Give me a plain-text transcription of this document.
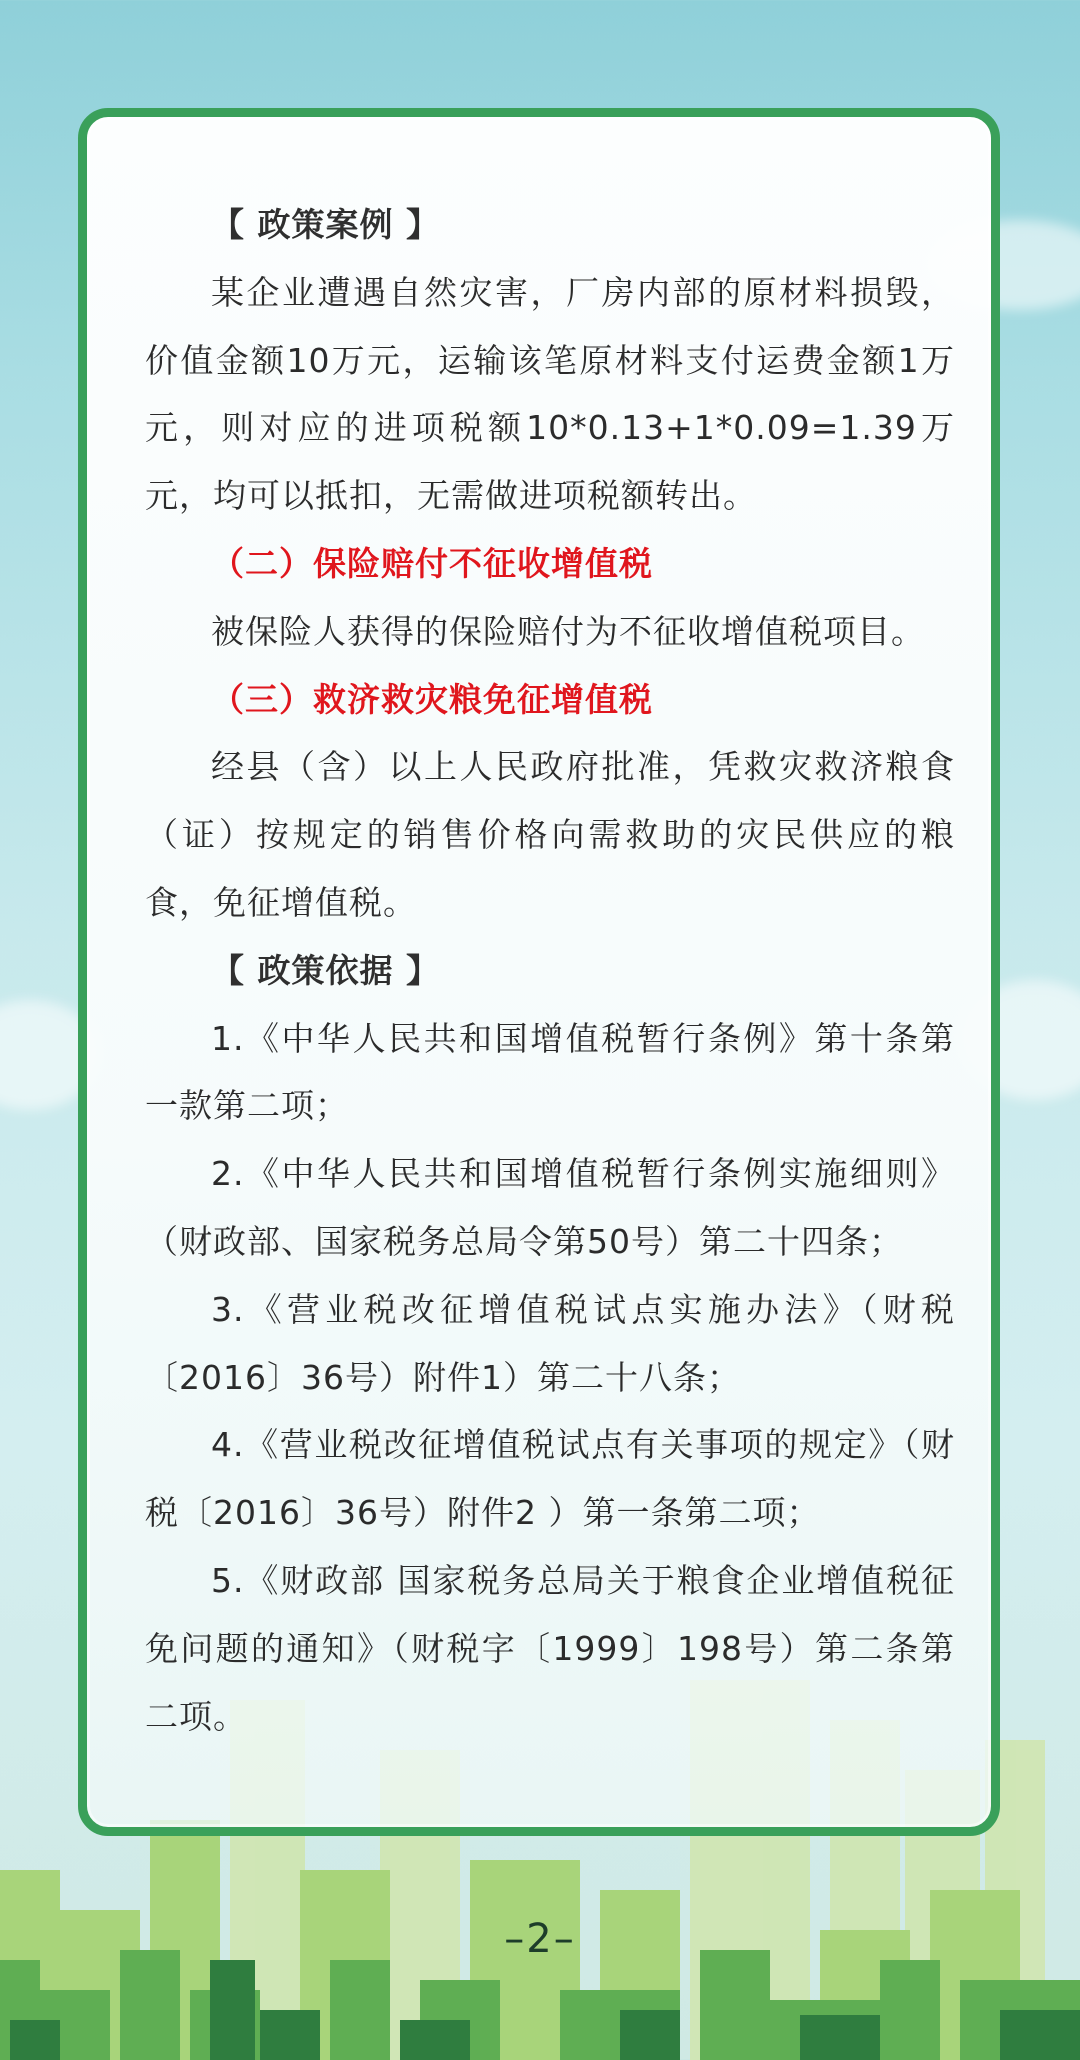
【 政策案例 】

某企业遭遇自然灾害，厂房内部的原材料损毁，价值金额10万元，运输该笔原材料支付运费金额1万元，则对应的进项税额10*0.13+1*0.09=1.39万元，均可以抵扣，无需做进项税额转出。

（二）保险赔付不征收增值税

被保险人获得的保险赔付为不征收增值税项目。

（三）救济救灾粮免征增值税

经县（含）以上人民政府批准，凭救灾救济粮食（证）按规定的销售价格向需救助的灾民供应的粮食，免征增值税。

【 政策依据 】

1.《中华人民共和国增值税暂行条例》第十条第一款第二项；

2.《中华人民共和国增值税暂行条例实施细则》（财政部、国家税务总局令第50号）第二十四条；

3.《营业税改征增值税试点实施办法》（财税〔2016〕36号）附件1）第二十八条；

4.《营业税改征增值税试点有关事项的规定》（财税〔2016〕36号）附件2 ）第一条第二项；

5.《财政部 国家税务总局关于粮食企业增值税征免问题的通知》（财税字〔1999〕198号）第二条第二项。

–2–
